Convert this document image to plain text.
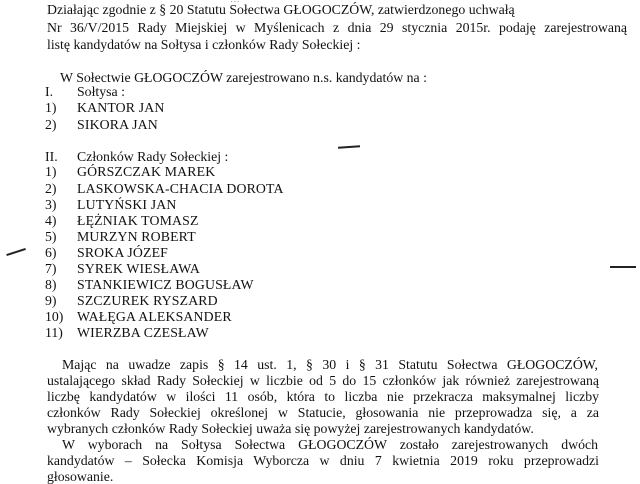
Działając zgodnie z § 20 Statutu Sołectwa GŁOGOCZÓW, zatwierdzonego uchwałą
Nr 36/V/2015 Rady Miejskiej w Myślenicach z dnia 29 stycznia 2015r. podaję zarejestrowaną
listę kandydatów na Sołtysa i członków Rady Sołeckiej :
W Sołectwie GŁOGOCZÓW zarejestrowano n.s. kandydatów na :
I. Sołtysa :
1) KANTOR JAN
2) SIKORA JAN
II. Członków Rady Sołeckiej :
1) GÓRSZCZAK MAREK
2) LASKOWSKA-CHACIA DOROTA
3) LUTYŃSKI JAN
4) ŁĘŻNIAK TOMASZ
5) MURZYN ROBERT
6) SROKA JÓZEF
7) SYREK WIESŁAWA
8) STANKIEWICZ BOGUSŁAW
9) SZCZUREK RYSZARD
10) WAŁĘGA ALEKSANDER
11) WIERZBA CZESŁAW
Mając na uwadze zapis § 14 ust. 1, § 30 i § 31 Statutu Sołectwa GŁOGOCZÓW,
ustalającego skład Rady Sołeckiej w liczbie od 5 do 15 członków jak również zarejestrowaną
liczbę kandydatów w ilości 11 osób, która to liczba nie przekracza maksymalnej liczby
członków Rady Sołeckiej określonej w Statucie, głosowania nie przeprowadza się, a za
wybranych członków Rady Sołeckiej uważa się powyżej zarejestrowanych kandydatów.
W wyborach na Sołtysa Sołectwa GŁOGOCZÓW zostało zarejestrowanych dwóch
kandydatów – Sołecka Komisja Wyborcza w dniu 7 kwietnia 2019 roku przeprowadzi
głosowanie.
